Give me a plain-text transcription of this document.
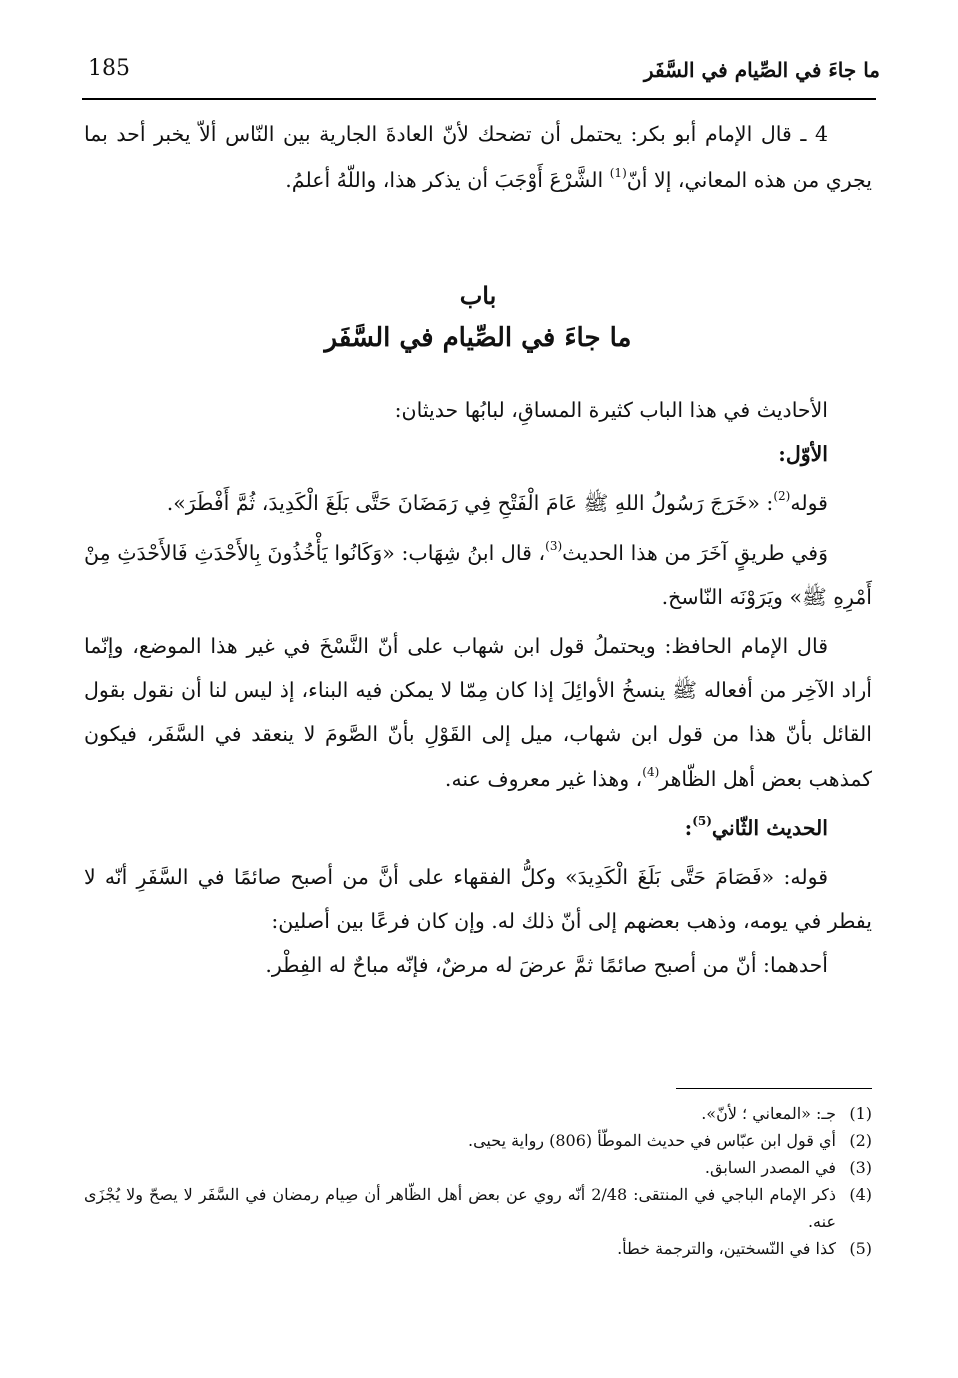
185	ما جاءَ في الصِّيام في السَّفَر

4 ـ قال الإمام أبو بكر: يحتمل أن تضحك لأنّ العادةَ الجارية بين النّاس ألاّ يخبر أحد بما يجري من هذه المعاني، إلا أنّ$^{(1)}$ الشَّرْعَ أَوْجَبَ أن يذكر هذا، واللّهُ أعلمُ.

باب
ما جاءَ في الصِّيام في السَّفَر

الأحاديث في هذا الباب كثيرة المساقِ، لبابُها حديثان:

الأوّل:

قوله$^{(2)}$: «خَرَجَ رَسُولُ اللهِ ﷺ عَامَ الْفَتْحِ فِي رَمَضَانَ حَتَّى بَلَغَ الْكَدِيدَ، ثُمَّ أَفْطَرَ».

وَفي طريقٍ آخَرَ من هذا الحديث$^{(3)}$، قال ابنُ شِهَاب: «وَكَانُوا يَأْخُذُونَ بِالأَحْدَثِ فَالأَحْدَثِ مِنْ أَمْرِهِ ﷺ» ويَرَوْنَه النّاسخ.

قال الإمام الحافظ: ويحتملُ قول ابن شهاب على أنّ النَّسْخَ في غير هذا الموضع، وإنّما أراد الآخِر من أفعاله ﷺ ينسخُ الأوائِلَ إذا كان مِمّا لا يمكن فيه البناء، إذ ليس لنا أن نقول بقول القائل بأنّ هذا من قول ابن شهاب، ميل إلى القَوْلِ بأنّ الصَّومَ لا ينعقد في السَّفَر، فيكون كمذهب بعض أهل الظّاهر$^{(4)}$، وهذا غير معروف عنه.

الحديث الثّاني$^{(5)}$:

قوله: «فَصَامَ حَتَّى بَلَغَ الْكَدِيدَ» وكلُّ الفقهاء على أنَّ من أصبح صائمًا في السَّفَرِ أنّه لا يفطر في يومه، وذهب بعضهم إلى أنّ ذلك له. وإن كان فرعًا بين أصلين:

أحدهما: أنّ من أصبح صائمًا ثمَّ عرضَ له مرضٌ، فإنّه مباحٌ له الفِطْر.

(1)
جـ: «المعاني ؛ لأنّ».
(2)
أي قول ابن عبّاس في حديث الموطّأ (806) رواية يحيى.
(3)
في المصدر السابق.
(4)
ذكر الإمام الباجي في المنتقى: 2/48 أنّه روي عن بعض أهل الظّاهر أن صِيام رمضان في السَّفَر لا يصحّ ولا يُجْزَى عنه.
(5)
كذا في النّسختين، والترجمة خطأ.
